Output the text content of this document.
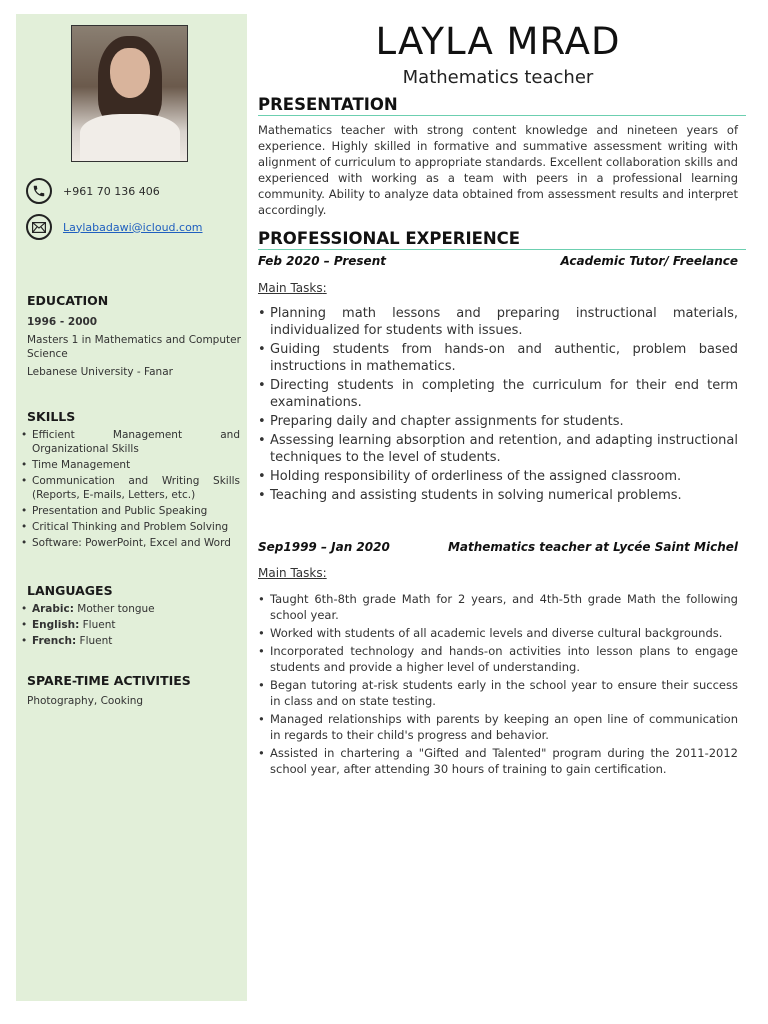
+961 70 136 406
Laylabadawi@icloud.com
EDUCATION
1996 - 2000
Masters 1 in Mathematics and Computer Science
Lebanese University - Fanar
SKILLS
• Efficient Management and Organizational Skills
• Time Management
• Communication and Writing Skills (Reports, E-mails, Letters, etc.)
• Presentation and Public Speaking
• Critical Thinking and Problem Solving
• Software: PowerPoint, Excel and Word
LANGUAGES
• Arabic: Mother tongue
• English: Fluent
• French: Fluent
SPARE-TIME ACTIVITIES
Photography, Cooking
LAYLA MRAD
Mathematics teacher
PRESENTATION
Mathematics teacher with strong content knowledge and nineteen years of experience. Highly skilled in formative and summative assessment writing with alignment of curriculum to appropriate standards. Excellent collaboration skills and experienced with working as a team with peers in a professional learning community. Ability to analyze data obtained from assessment results and interpret accordingly.
PROFESSIONAL EXPERIENCE
Feb 2020 – Present	Academic Tutor/ Freelance
Main Tasks:
• Planning math lessons and preparing instructional materials, individualized for students with issues.
• Guiding students from hands-on and authentic, problem based instructions in mathematics.
• Directing students in completing the curriculum for their end term examinations.
• Preparing daily and chapter assignments for students.
• Assessing learning absorption and retention, and adapting instructional techniques to the level of students.
• Holding responsibility of orderliness of the assigned classroom.
• Teaching and assisting students in solving numerical problems.
Sep1999 – Jan 2020	Mathematics teacher at Lycée Saint Michel
Main Tasks:
• Taught 6th-8th grade Math for 2 years, and 4th-5th grade Math the following school year.
• Worked with students of all academic levels and diverse cultural backgrounds.
• Incorporated technology and hands-on activities into lesson plans to engage students and provide a higher level of understanding.
• Began tutoring at-risk students early in the school year to ensure their success in class and on state testing.
• Managed relationships with parents by keeping an open line of communication in regards to their child's progress and behavior.
• Assisted in chartering a "Gifted and Talented" program during the 2011-2012 school year, after attending 30 hours of training to gain certification.
